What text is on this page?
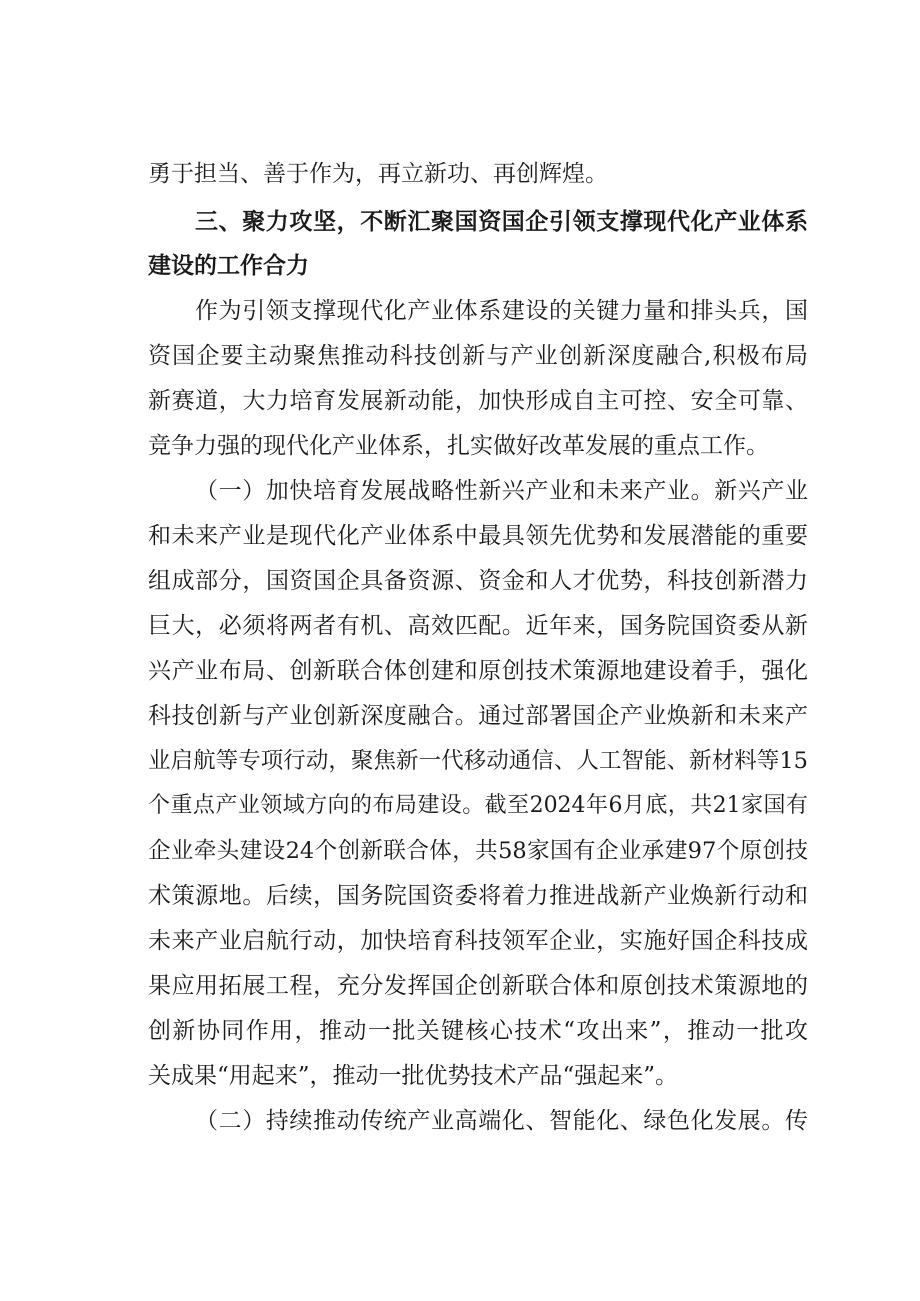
勇于担当、善于作为，再立新功、再创辉煌。
三、聚力攻坚，不断汇聚国资国企引领支撑现代化产业体系
建设的工作合力
作为引领支撑现代化产业体系建设的关键力量和排头兵，国
资国企要主动聚焦推动科技创新与产业创新深度融合,积极布局
新赛道，大力培育发展新动能，加快形成自主可控、安全可靠、
竞争力强的现代化产业体系，扎实做好改革发展的重点工作。
（一）加快培育发展战略性新兴产业和未来产业。新兴产业
和未来产业是现代化产业体系中最具领先优势和发展潜能的重要
组成部分，国资国企具备资源、资金和人才优势，科技创新潜力
巨大，必须将两者有机、高效匹配。近年来，国务院国资委从新
兴产业布局、创新联合体创建和原创技术策源地建设着手，强化
科技创新与产业创新深度融合。通过部署国企产业焕新和未来产
业启航等专项行动，聚焦新一代移动通信、人工智能、新材料等15
个重点产业领域方向的布局建设。截至2024年6月底，共21家国有
企业牵头建设24个创新联合体，共58家国有企业承建97个原创技
术策源地。后续，国务院国资委将着力推进战新产业焕新行动和
未来产业启航行动，加快培育科技领军企业，实施好国企科技成
果应用拓展工程，充分发挥国企创新联合体和原创技术策源地的
创新协同作用，推动一批关键核心技术“攻出来”，推动一批攻
关成果“用起来”，推动一批优势技术产品“强起来”。
（二）持续推动传统产业高端化、智能化、绿色化发展。传
